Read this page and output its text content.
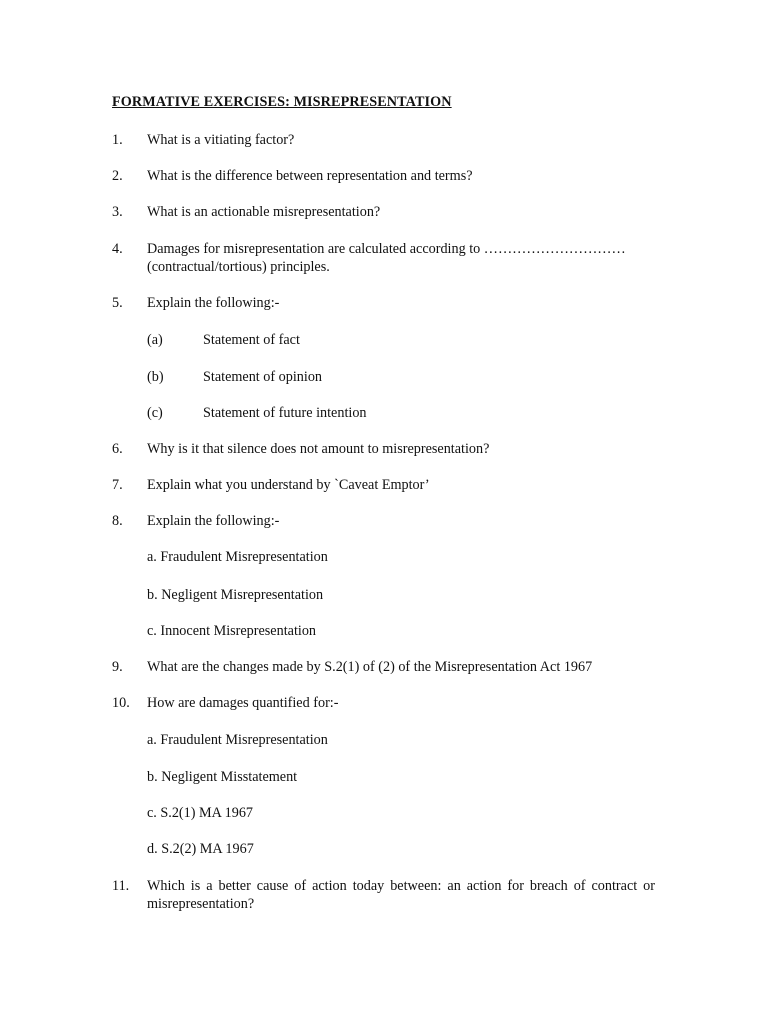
FORMATIVE EXERCISES: MISREPRESENTATION
1. What is a vitiating factor?
2. What is the difference between representation and terms?
3. What is an actionable misrepresentation?
4. Damages for misrepresentation are calculated according to …………………………
(contractual/tortious) principles.
5. Explain the following:-
(a)	Statement of fact
(b)	Statement of opinion
(c)	Statement of future intention
6. Why is it that silence does not amount to misrepresentation?
7. Explain what you understand by `Caveat Emptor’
8. Explain the following:-
a. Fraudulent Misrepresentation
b. Negligent Misrepresentation
c. Innocent Misrepresentation
9. What are the changes made by S.2(1) of (2) of the Misrepresentation Act 1967
10. How are damages quantified for:-
a. Fraudulent Misrepresentation
b. Negligent Misstatement
c. S.2(1) MA 1967
d. S.2(2) MA 1967
11. Which is a better cause of action today between: an action for breach of contract or misrepresentation?
